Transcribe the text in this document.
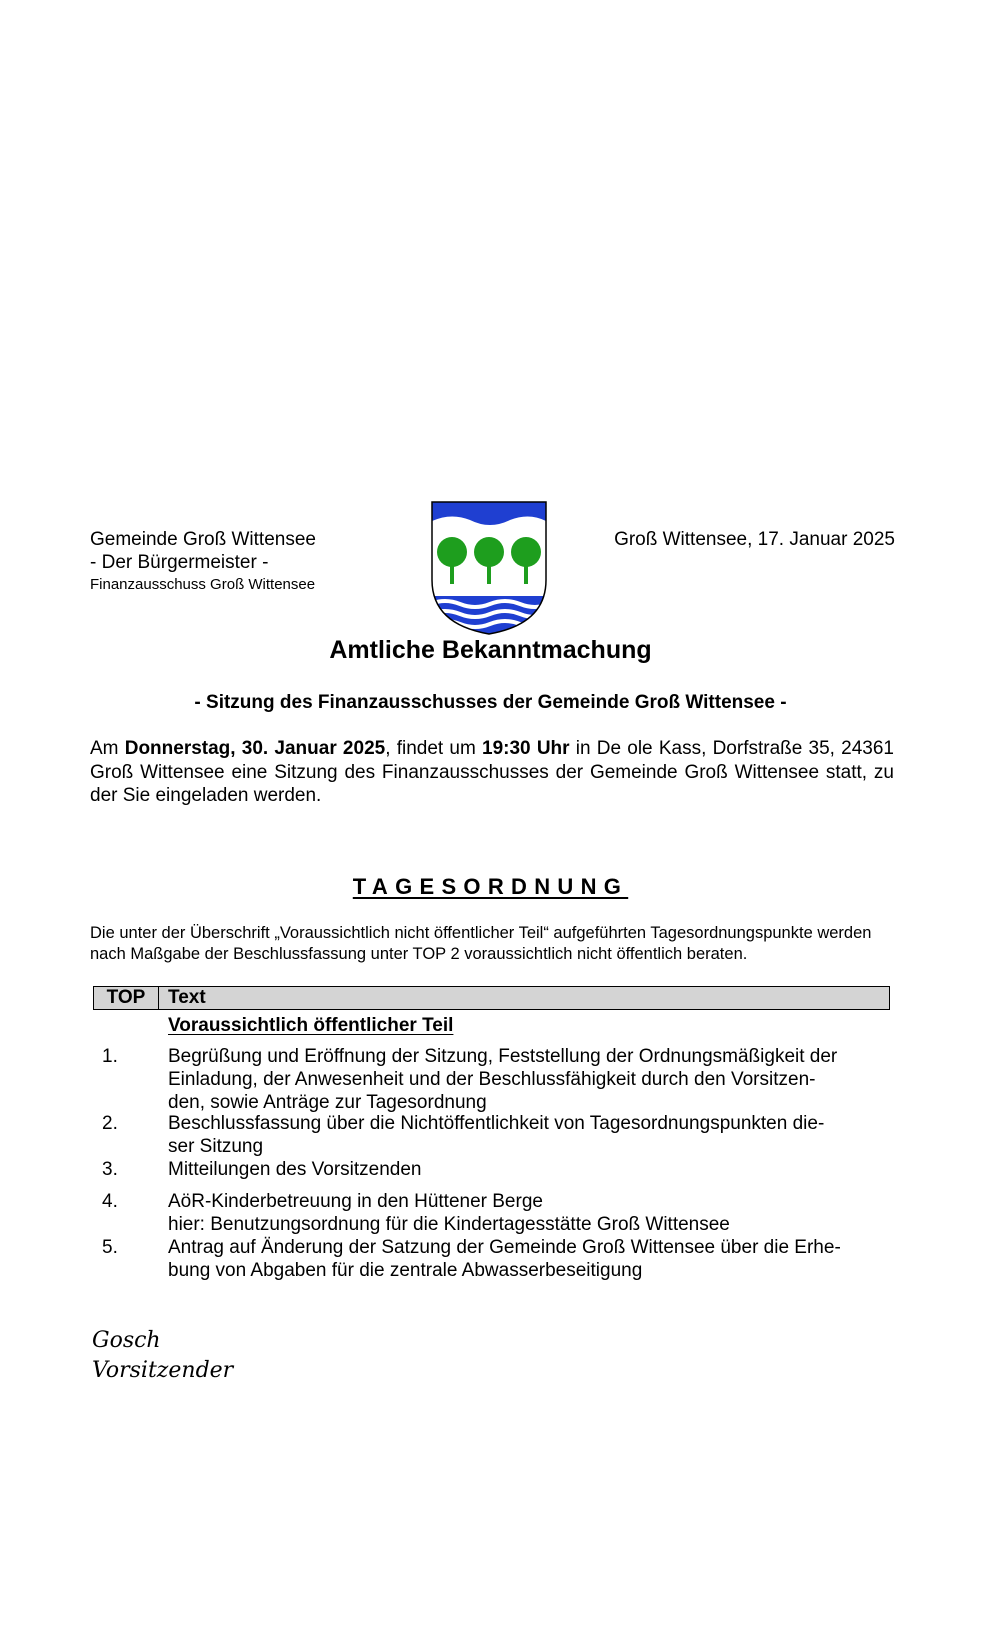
Gemeinde Groß Wittensee
- Der Bürgermeister -
Finanzausschuss Groß Wittensee
Groß Wittensee, 17. Januar 2025
Amtliche Bekanntmachung
- Sitzung des Finanzausschusses der Gemeinde Groß Wittensee -
Am Donnerstag, 30. Januar 2025, findet um 19:30 Uhr in De ole Kass, Dorfstraße 35, 24361 Groß Wittensee eine Sitzung des Finanzausschusses der Gemeinde Groß Wittensee statt, zu der Sie eingeladen werden.
TAGESORDNUNG
Die unter der Überschrift „Voraussichtlich nicht öffentlicher Teil“ aufgeführten Tagesordnungspunkte werden nach Maßgabe der Beschlussfassung unter TOP 2 voraussichtlich nicht öffentlich beraten.
TOP	Text
Voraussichtlich öffentlicher Teil
1.	Begrüßung und Eröffnung der Sitzung, Feststellung der Ordnungsmäßigkeit der
Einladung, der Anwesenheit und der Beschlussfähigkeit durch den Vorsitzen-
den, sowie Anträge zur Tagesordnung
2.	Beschlussfassung über die Nichtöffentlichkeit von Tagesordnungspunkten die-
ser Sitzung
3.	Mitteilungen des Vorsitzenden
4.	AöR-Kinderbetreuung in den Hüttener Berge
hier: Benutzungsordnung für die Kindertagesstätte Groß Wittensee
5.	Antrag auf Änderung der Satzung der Gemeinde Groß Wittensee über die Erhe-
bung von Abgaben für die zentrale Abwasserbeseitigung
Gosch
Vorsitzender
